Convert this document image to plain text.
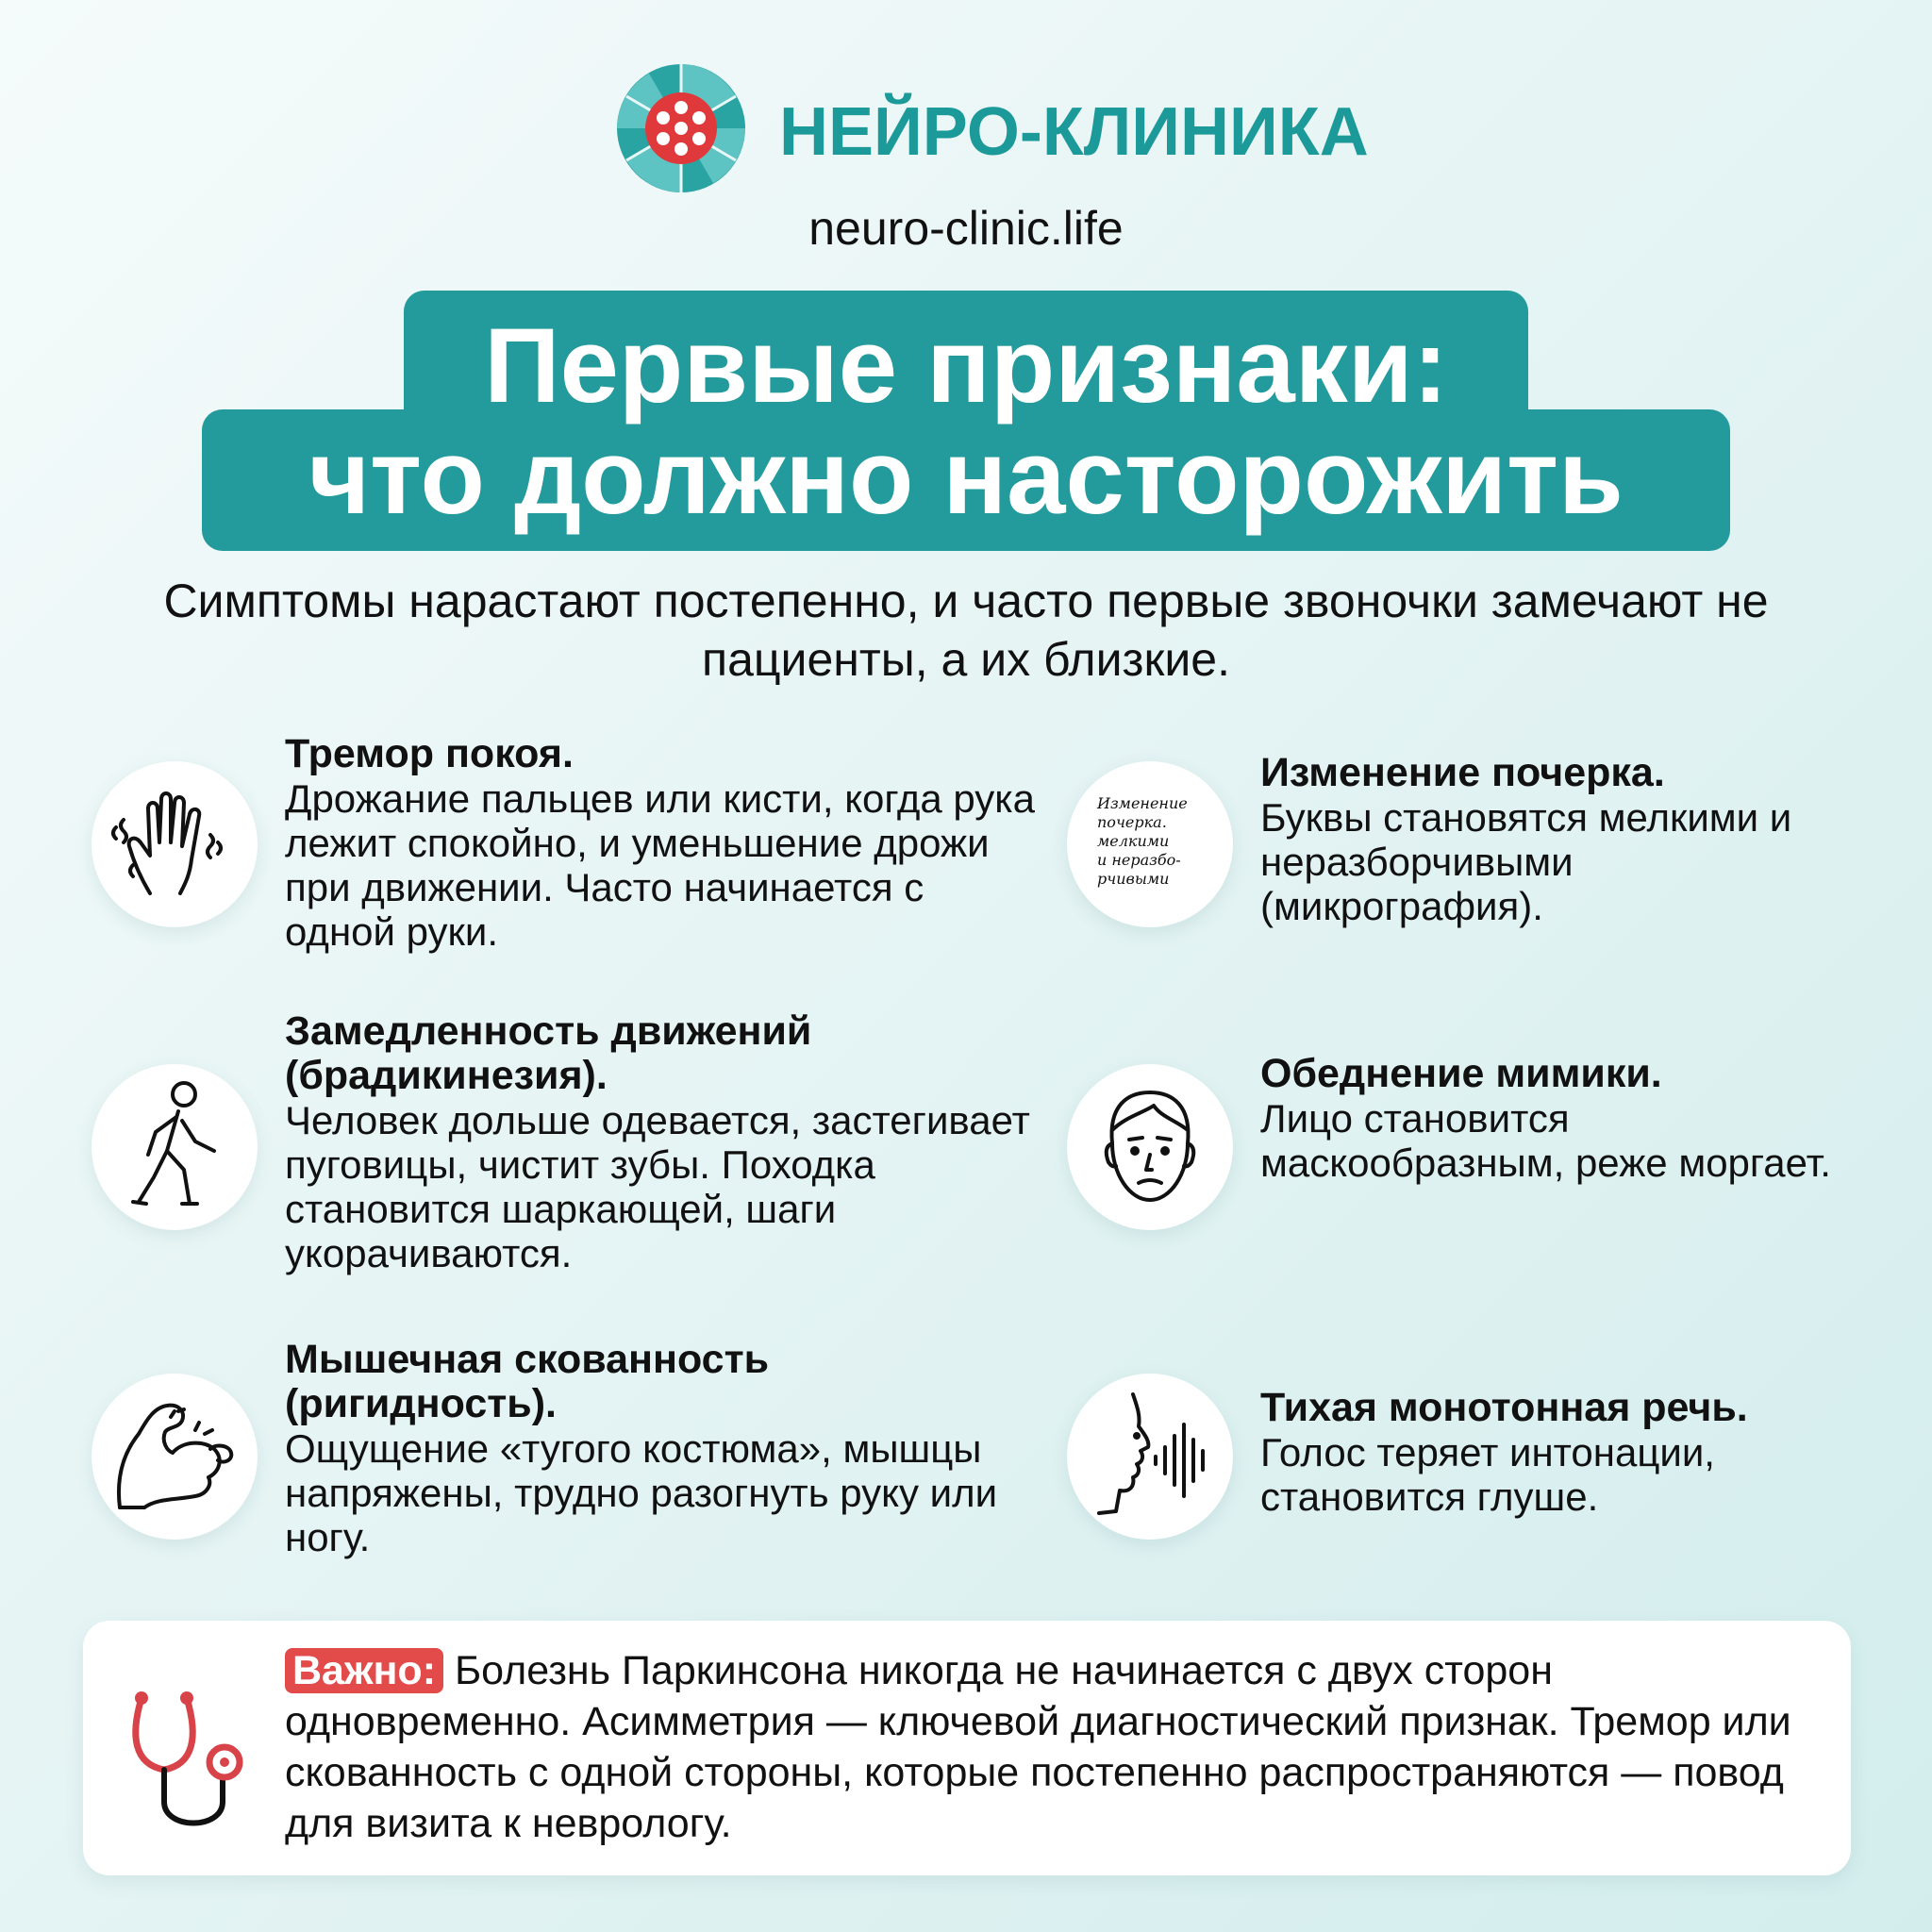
НЕЙРО-КЛИНИКА
neuro-clinic.life
Первые признаки:
что должно насторожить
Симптомы нарастают постепенно, и часто первые звоночки замечают не пациенты, а их близкие.
Тремор покоя.
Дрожание пальцев или кисти, когда рука лежит спокойно, и уменьшение дрожи при движении. Часто начинается с одной руки.
Изменение
почерка.
мелкими
и неразбо-
рчивыми
Изменение почерка.
Буквы становятся мелкими и неразборчивыми (микрография).
Замедленность движений (брадикинезия).
Человек дольше одевается, застегивает пуговицы, чистит зубы. Походка становится шаркающей, шаги укорачиваются.
Обеднение мимики.
Лицо становится маскообразным, реже моргает.
Мышечная скованность (ригидность).
Ощущение «тугого костюма», мышцы напряжены, трудно разогнуть руку или ногу.
Тихая монотонная речь.
Голос теряет интонации, становится глуше.
Важно: Болезнь Паркинсона никогда не начинается с двух сторон одновременно. Асимметрия — ключевой диагностический признак. Тремор или скованность с одной стороны, которые постепенно распространяются — повод для визита к неврологу.
